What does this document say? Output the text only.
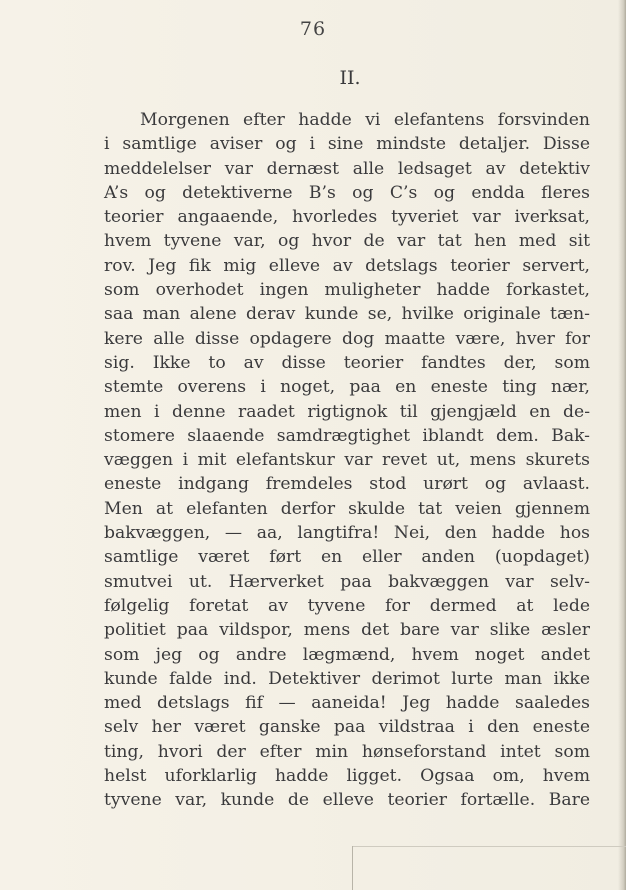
76
II.
Morgenen efter hadde vi elefantens forsvinden
i samtlige aviser og i sine mindste detaljer. Disse
meddelelser var dernæst alle ledsaget av detektiv
A’s og detektiverne B’s og C’s og endda fleres
teorier angaaende, hvorledes tyveriet var iverksat,
hvem tyvene var, og hvor de var tat hen med sit
rov. Jeg fik mig elleve av detslags teorier servert,
som overhodet ingen muligheter hadde forkastet,
saa man alene derav kunde se, hvilke originale tæn-
kere alle disse opdagere dog maatte være, hver for
sig. Ikke to av disse teorier fandtes der, som
stemte overens i noget, paa en eneste ting nær,
men i denne raadet rigtignok til gjengjæld en de-
stomere slaaende samdrægtighet iblandt dem. Bak-
væggen i mit elefantskur var revet ut, mens skurets
eneste indgang fremdeles stod urørt og avlaast.
Men at elefanten derfor skulde tat veien gjennem
bakvæggen, — aa, langtifra! Nei, den hadde hos
samtlige været ført en eller anden (uopdaget)
smutvei ut. Hærverket paa bakvæggen var selv-
følgelig foretat av tyvene for dermed at lede
politiet paa vildspor, mens det bare var slike æsler
som jeg og andre lægmænd, hvem noget andet
kunde falde ind. Detektiver derimot lurte man ikke
med detslags fif — aaneida! Jeg hadde saaledes
selv her været ganske paa vildstraa i den eneste
ting, hvori der efter min hønseforstand intet som
helst uforklarlig hadde ligget. Ogsaa om, hvem
tyvene var, kunde de elleve teorier fortælle. Bare
